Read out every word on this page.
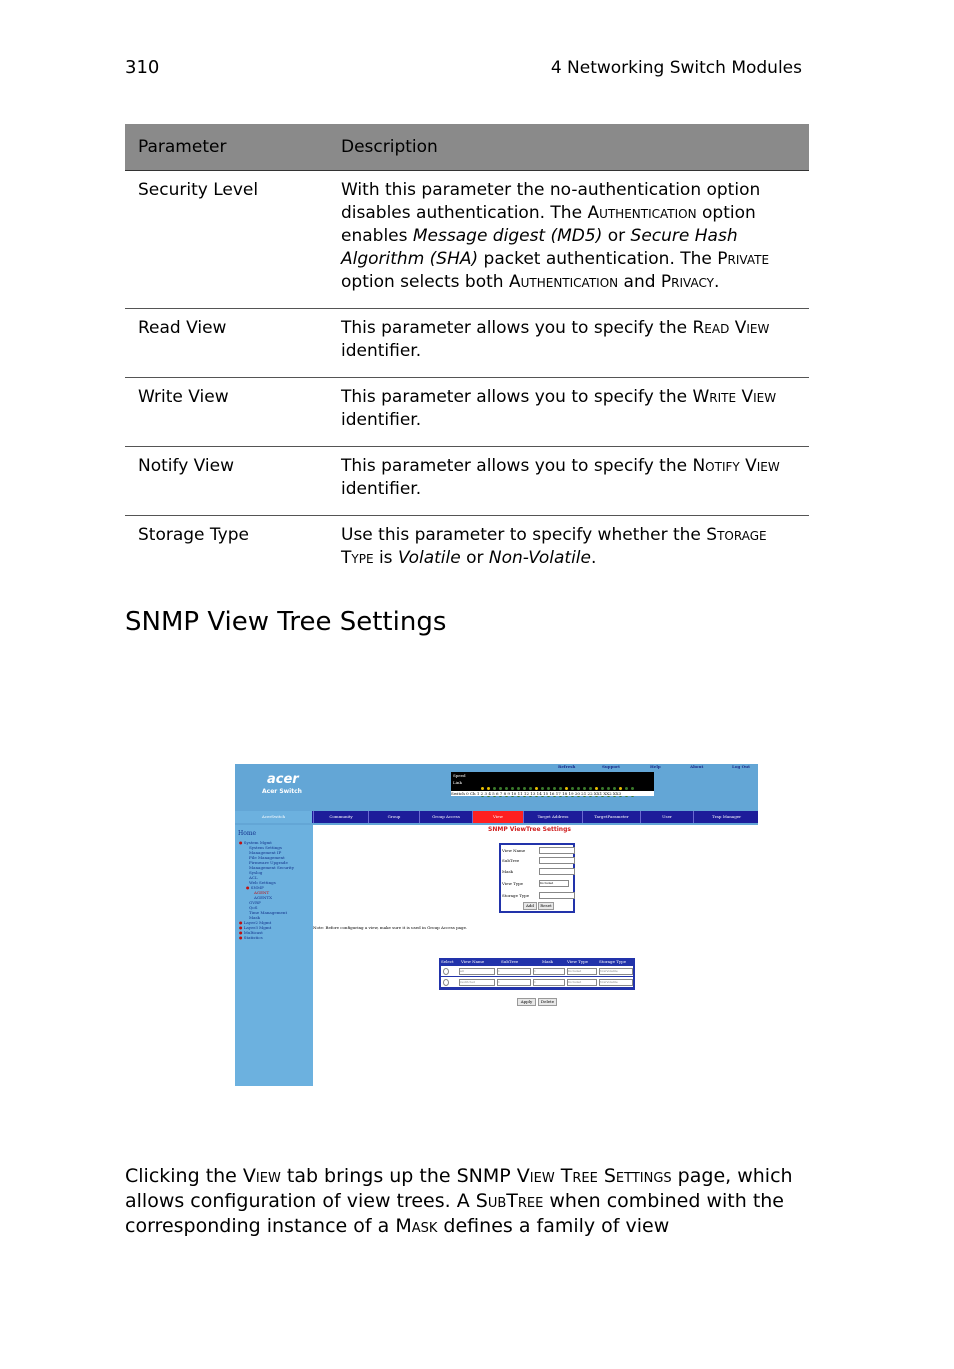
310	4 Networking Switch Modules
Parameter	Description
Security Level	With this parameter the no-authentication option disables authentication. The Authentication option enables Message digest (MD5) or Secure Hash Algorithm (SHA) packet authentication. The Private option selects both Authentication and Privacy.
Read View	This parameter allows you to specify the Read View identifier.
Write View	This parameter allows you to specify the Write View identifier.
Notify View	This parameter allows you to specify the Notify View identifier.
Storage Type	Use this parameter to specify whether the Storage Type is Volatile or Non-Volatile.
SNMP View Tree Settings
acer
Acer Switch
Refresh	Support	Help	About	Log Out
Speed
Link
Switch 0 Ch 1 2 3 4 5 6 7 8 9 10 11 12 13 14 15 16 17 18 19 20 21 22 XX1 XX2 XX3
AcerSwitch	Community	Group	Group Access	View	Target Address	TargetParameter	User	Trap Manager
Home
● System Mgmt
System Settings
Management IP
File Management
Firmware Upgrade
Management Security
Syslog
ACL
Web Settings
● SNMP
AGENT
AGENTX
GVRP
QoS
Time Management
Mask
● Layer2 Mgmt
● Layer3 Mgmt
● Multicast
● Statistics
SNMP ViewTree Settings
View Name
SubTree
Mask
View Type	Included
Storage Type
Add	Reset
Note: Before configuring a view, make sure it is used in Group Access page.
Select View Name	SubTree	Mask	View Type	Storage Type
all	1	1	Included	NonVolatile
restricted	1	1	Included	NonVolatile
Apply	Delete
Clicking the View tab brings up the SNMP View Tree Settings page, which allows configuration of view trees. A SubTree when combined with the corresponding instance of a Mask defines a family of view
